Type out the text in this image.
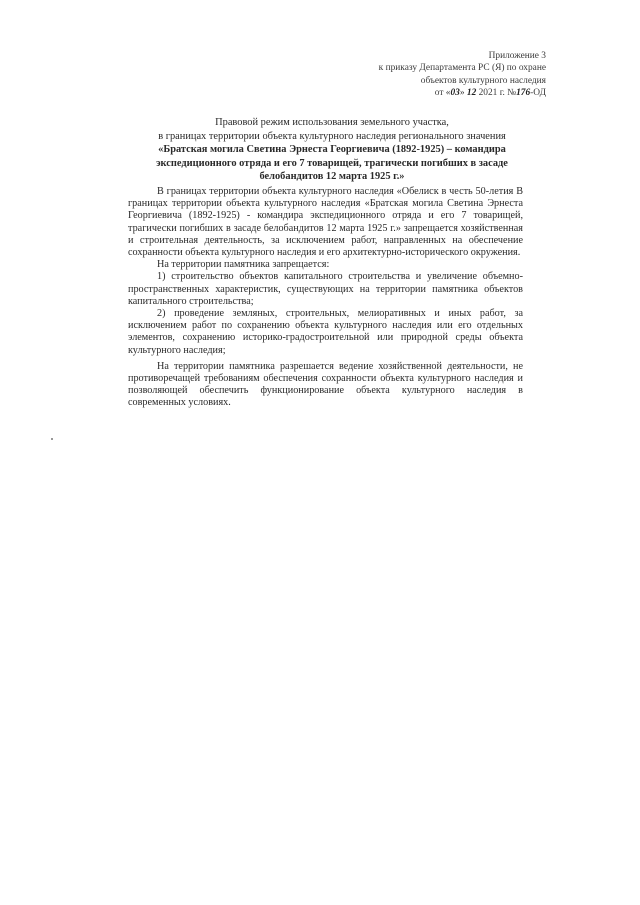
Приложение 3
к приказу Департамента РС (Я) по охране
объектов культурного наследия
от «03» 12 2021 г. №176-ОД
Правовой режим использования земельного участка,
в границах территории объекта культурного наследия регионального значения
«Братская могила Светина Эрнеста Георгиевича (1892-1925) – командира
экспедиционного отряда и его 7 товарищей, трагически погибших в засаде
белобандитов 12 марта 1925 г.»

В границах территории объекта культурного наследия «Обелиск в честь 50-летия В границах территории объекта культурного наследия «Братская могила Светина Эрнеста Георгиевича (1892-1925) - командира экспедиционного отряда и его 7 товарищей, трагически погибших в засаде белобандитов 12 марта 1925 г.» запрещается хозяйственная и строительная деятельность, за исключением работ, направленных на обеспечение сохранности объекта культурного наследия и его архитектурно-исторического окружения.

На территории памятника запрещается:

1) строительство объектов капитального строительства и увеличение объемно-пространственных характеристик, существующих на территории памятника объектов капитального строительства;

2) проведение земляных, строительных, мелиоративных и иных работ, за исключением работ по сохранению объекта культурного наследия или его отдельных элементов, сохранению историко-градостроительной или природной среды объекта культурного наследия;

На территории памятника разрешается ведение хозяйственной деятельности, не противоречащей требованиям обеспечения сохранности объекта культурного наследия и позволяющей обеспечить функционирование объекта культурного наследия в современных условиях.
